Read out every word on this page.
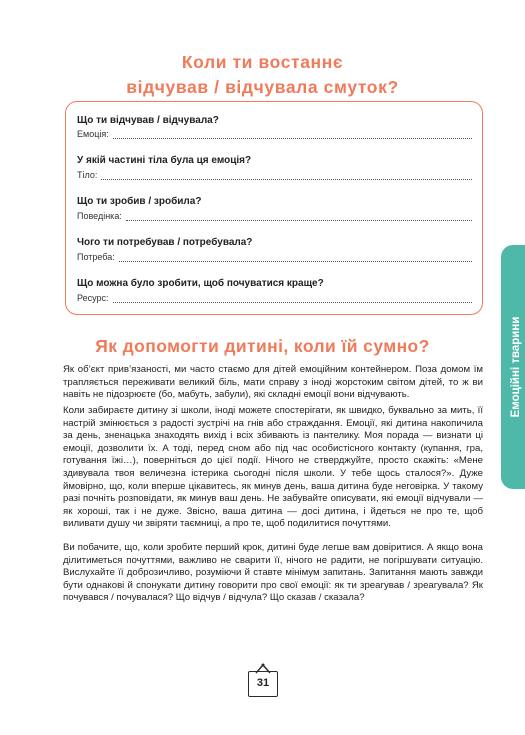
Коли ти востаннє
відчував / відчувала смуток?

Що ти відчував / відчувала?

Емоція:

У якій частині тіла була ця емоція?

Тіло:

Що ти зробив / зробила?

Поведінка:

Чого ти потребував / потребувала?

Потреба:

Що можна було зробити, щоб почуватися краще?

Ресурс:
Як допомогти дитині, коли їй сумно?

Як об’єкт прив’язаності, ми часто стаємо для дітей емоційним контейнером. Поза домом їм трапляється переживати великий біль, мати справу з іноді жорстоким світом дітей, то ж ви навіть не підозрюєте (бо, мабуть, забули), які складні емоції вони відчувають.

Коли забираєте дитину зі школи, іноді можете спостерігати, як швидко, буквально за мить, її настрій змінюється з радості зустрічі на гнів або страждання. Емоції, які дитина накопичила за день, зненацька знаходять вихід і всіх збивають із пантелику. Моя порада — визнати ці емоції, дозволити їх. А тоді, перед сном або під час особистісного контакту (купання, гра, готування їжі…), поверніться до цієї події. Нічого не стверджуйте, просто скажіть: «Мене здивувала твоя величезна істерика сьогодні після школи. У тебе щось сталося?». Дуже ймовірно, що, коли вперше цікавитесь, як минув день, ваша дитина буде неговірка. У такому разі почніть розповідати, як минув ваш день. Не забувайте описувати, які емоції відчували — як хороші, так і не дуже. Звісно, ваша дитина — досі дитина, і йдеться не про те, щоб виливати душу чи звіряти таємниці, а про те, щоб подилитися почуттями.

Ви побачите, що, коли зробите перший крок, дитині буде легше вам довіритися. А якщо вона ділитиметься почуттями, важливо не сварити її, нічого не радити, не погіршувати ситуацію. Вислухайте її доброзичливо, розуміючи й ставте мінімум запитань. Запитання мають завжди бути однакові й спонукати дитину говорити про свої емоції: як ти зреагував / зреагувала? Як почувався / почувалася? Що відчув / відчула? Що сказав / сказала?

Емоційні тварини
31
